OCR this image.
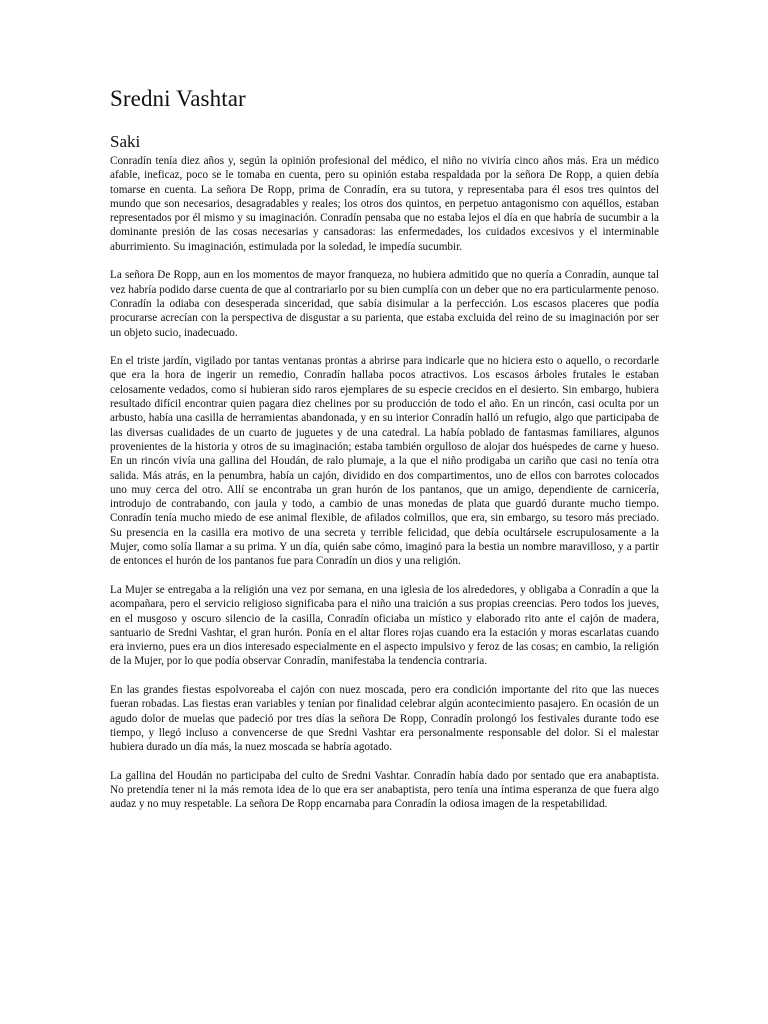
Sredni Vashtar
Saki

Conradín tenía diez años y, según la opinión profesional del médico, el niño no viviría cinco años más. Era un médico afable, ineficaz, poco se le tomaba en cuenta, pero su opinión estaba respaldada por la señora De Ropp, a quien debía tomarse en cuenta. La señora De Ropp, prima de Conradín, era su tutora, y representaba para él esos tres quintos del mundo que son necesarios, desagradables y reales; los otros dos quintos, en perpetuo antagonismo con aquéllos, estaban representados por él mismo y su imaginación. Conradín pensaba que no estaba lejos el día en que habría de sucumbir a la dominante presión de las cosas necesarias y cansadoras: las enfermedades, los cuidados excesivos y el interminable aburrimiento. Su imaginación, estimulada por la soledad, le impedía sucumbir.

La señora De Ropp, aun en los momentos de mayor franqueza, no hubiera admitido que no quería a Conradín, aunque tal vez habría podido darse cuenta de que al contrariarlo por su bien cumplía con un deber que no era particularmente penoso. Conradín la odiaba con desesperada sinceridad, que sabía disimular a la perfección. Los escasos placeres que podía procurarse acrecían con la perspectiva de disgustar a su parienta, que estaba excluida del reino de su imaginación por ser un objeto sucio, inadecuado.

En el triste jardín, vigilado por tantas ventanas prontas a abrirse para indicarle que no hiciera esto o aquello, o recordarle que era la hora de ingerir un remedio, Conradín hallaba pocos atractivos. Los escasos árboles frutales le estaban celosamente vedados, como si hubieran sido raros ejemplares de su especie crecidos en el desierto. Sin embargo, hubiera resultado difícil encontrar quien pagara diez chelines por su producción de todo el año. En un rincón, casi oculta por un arbusto, había una casilla de herramientas abandonada, y en su interior Conradín halló un refugio, algo que participaba de las diversas cualidades de un cuarto de juguetes y de una catedral. La había poblado de fantasmas familiares, algunos provenientes de la historia y otros de su imaginación; estaba también orgulloso de alojar dos huéspedes de carne y hueso. En un rincón vivía una gallina del Houdán, de ralo plumaje, a la que el niño prodigaba un cariño que casi no tenía otra salida. Más atrás, en la penumbra, había un cajón, dividido en dos compartimentos, uno de ellos con barrotes colocados uno muy cerca del otro. Allí se encontraba un gran hurón de los pantanos, que un amigo, dependiente de carnicería, introdujo de contrabando, con jaula y todo, a cambio de unas monedas de plata que guardó durante mucho tiempo. Conradín tenía mucho miedo de ese animal flexible, de afilados colmillos, que era, sin embargo, su tesoro más preciado. Su presencia en la casilla era motivo de una secreta y terrible felicidad, que debía ocultársele escrupulosamente a la Mujer, como solía llamar a su prima. Y un día, quién sabe cómo, imaginó para la bestia un nombre maravilloso, y a partir de entonces el hurón de los pantanos fue para Conradín un dios y una religión.

La Mujer se entregaba a la religión una vez por semana, en una iglesia de los alrededores, y obligaba a Conradín a que la acompañara, pero el servicio religioso significaba para el niño una traición a sus propias creencias. Pero todos los jueves, en el musgoso y oscuro silencio de la casilla, Conradín oficiaba un místico y elaborado rito ante el cajón de madera, santuario de Sredni Vashtar, el gran hurón. Ponía en el altar flores rojas cuando era la estación y moras escarlatas cuando era invierno, pues era un dios interesado especialmente en el aspecto impulsivo y feroz de las cosas; en cambio, la religión de la Mujer, por lo que podía observar Conradín, manifestaba la tendencia contraria.

En las grandes fiestas espolvoreaba el cajón con nuez moscada, pero era condición importante del rito que las nueces fueran robadas. Las fiestas eran variables y tenían por finalidad celebrar algún acontecimiento pasajero. En ocasión de un agudo dolor de muelas que padeció por tres días la señora De Ropp, Conradín prolongó los festivales durante todo ese tiempo, y llegó incluso a convencerse de que Sredni Vashtar era personalmente responsable del dolor. Si el malestar hubiera durado un día más, la nuez moscada se habría agotado.

La gallina del Houdán no participaba del culto de Sredni Vashtar. Conradín había dado por sentado que era anabaptista. No pretendía tener ni la más remota idea de lo que era ser anabaptista, pero tenía una íntima esperanza de que fuera algo audaz y no muy respetable. La señora De Ropp encarnaba para Conradín la odiosa imagen de la respetabilidad.
